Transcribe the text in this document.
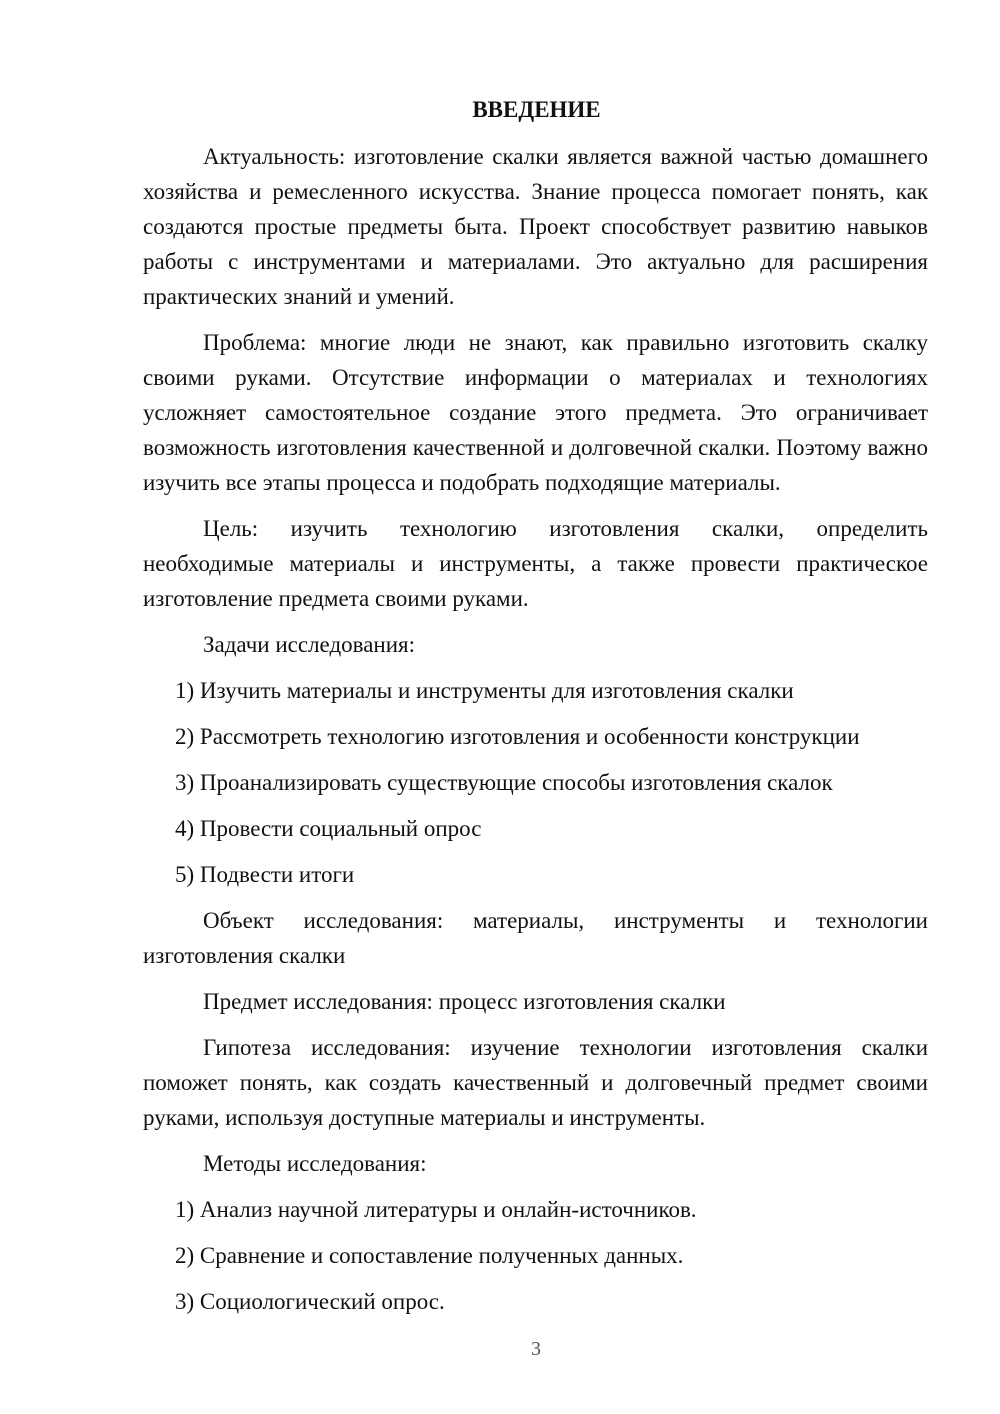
ВВЕДЕНИЕ

Актуальность: изготовление скалки является важной частью домашнего хозяйства и ремесленного искусства. Знание процесса помогает понять, как создаются простые предметы быта. Проект способствует развитию навыков работы с инструментами и материалами. Это актуально для расширения практических знаний и умений.

Проблема: многие люди не знают, как правильно изготовить скалку своими руками. Отсутствие информации о материалах и технологиях усложняет самостоятельное создание этого предмета. Это ограничивает возможность изготовления качественной и долговечной скалки. Поэтому важно изучить все этапы процесса и подобрать подходящие материалы.

Цель: изучить технологию изготовления скалки, определить необходимые материалы и инструменты, а также провести практическое изготовление предмета своими руками.

Задачи исследования:

1) Изучить материалы и инструменты для изготовления скалки

2) Рассмотреть технологию изготовления и особенности конструкции

3) Проанализировать существующие способы изготовления скалок

4) Провести социальный опрос

5) Подвести итоги

Объект исследования: материалы, инструменты и технологии изготовления скалки

Предмет исследования: процесс изготовления скалки

Гипотеза исследования: изучение технологии изготовления скалки поможет понять, как создать качественный и долговечный предмет своими руками, используя доступные материалы и инструменты.

Методы исследования:

1) Анализ научной литературы и онлайн-источников.

2) Сравнение и сопоставление полученных данных.

3) Социологический опрос.

3
